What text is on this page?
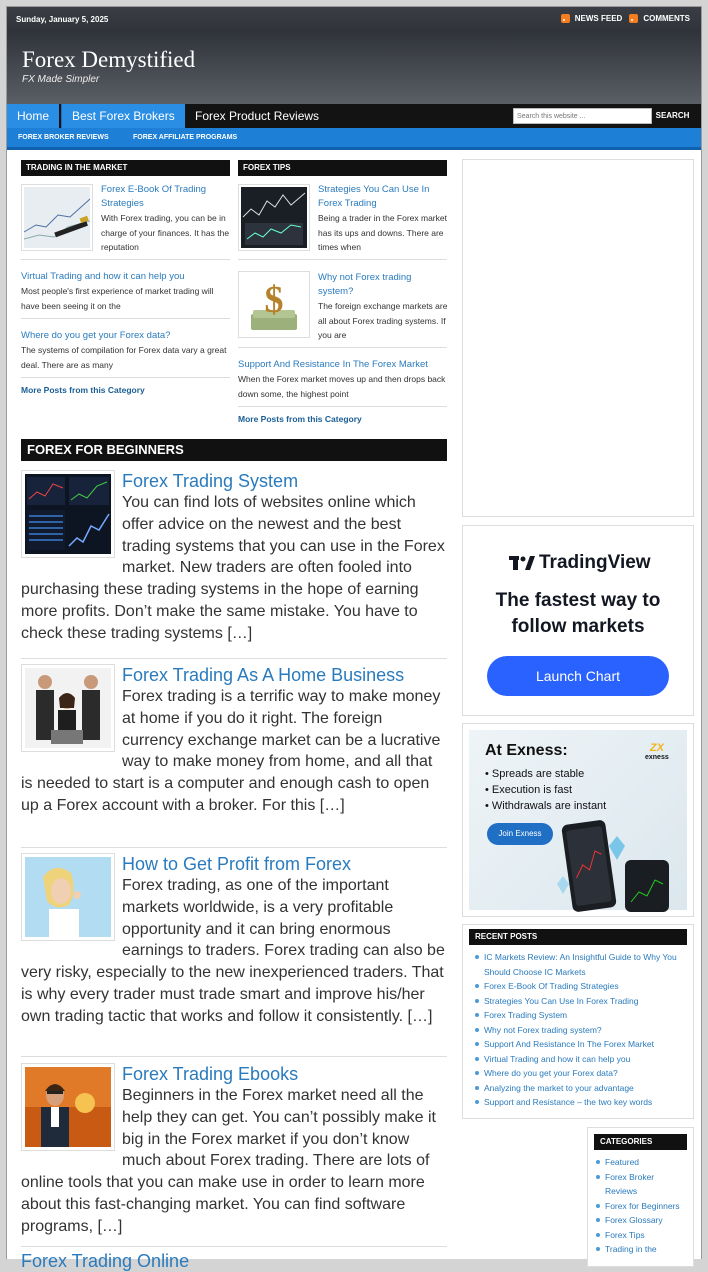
Sunday, January 5, 2025	NEWS FEED	COMMENTS
Forex Demystified
FX Made Simpler
Home	Best Forex Brokers	Forex Product Reviews	Search this website ...	SEARCH
FOREX BROKER REVIEWS	FOREX AFFILIATE PROGRAMS
TRADING IN THE MARKET
Forex E-Book Of Trading Strategies
With Forex trading, you can be in charge of your finances. It has the reputation
Virtual Trading and how it can help you
Most people's first experience of market trading will have been seeing it on the
Where do you get your Forex data?
The systems of compilation for Forex data vary a great deal. There are as many
More Posts from this Category
FOREX TIPS
Strategies You Can Use In Forex Trading
Being a trader in the Forex market has its ups and downs. There are times when
$
Why not Forex trading system?
The foreign exchange markets are all about Forex trading systems. If you are
Support And Resistance In The Forex Market
When the Forex market moves up and then drops back down some, the highest point
More Posts from this Category
FOREX FOR BEGINNERS
Forex Trading System
You can find lots of websites online which offer advice on the newest and the best trading systems that you can use in the Forex market. New traders are often fooled into purchasing these trading systems in the hope of earning more profits. Don’t make the same mistake. You have to check these trading systems […]
Forex Trading As A Home Business
Forex trading is a terrific way to make money at home if you do it right. The foreign currency exchange market can be a lucrative way to make money from home, and all that is needed to start is a computer and enough cash to open up a Forex account with a broker. For this […]
How to Get Profit from Forex
Forex trading, as one of the important markets worldwide, is a very profitable opportunity and it can bring enormous earnings to traders. Forex trading can also be very risky, especially to the new inexperienced traders. That is why every trader must trade smart and improve his/her own trading tactic that works and follow it consistently. […]
Forex Trading Ebooks
Beginners in the Forex market need all the help they can get. You can’t possibly make it big in the Forex market if you don’t know much about Forex trading. There are lots of online tools that you can make use in order to learn more about this fast-changing market. You can find software programs, […]
Forex Trading Online
TradingView
The fastest way to
follow markets
Launch Chart
At Exness:	ZX
exness
• Spreads are stable
• Execution is fast
• Withdrawals are instant
Join Exness
RECENT POSTS
IC Markets Review: An Insightful Guide to Why You Should Choose IC Markets
Forex E-Book Of Trading Strategies
Strategies You Can Use In Forex Trading
Forex Trading System
Why not Forex trading system?
Support And Resistance In The Forex Market
Virtual Trading and how it can help you
Where do you get your Forex data?
Analyzing the market to your advantage
Support and Resistance – the two key words
CATEGORIES
Featured
Forex Broker Reviews
Forex for Beginners
Forex Glossary
Forex Tips
Trading in the
